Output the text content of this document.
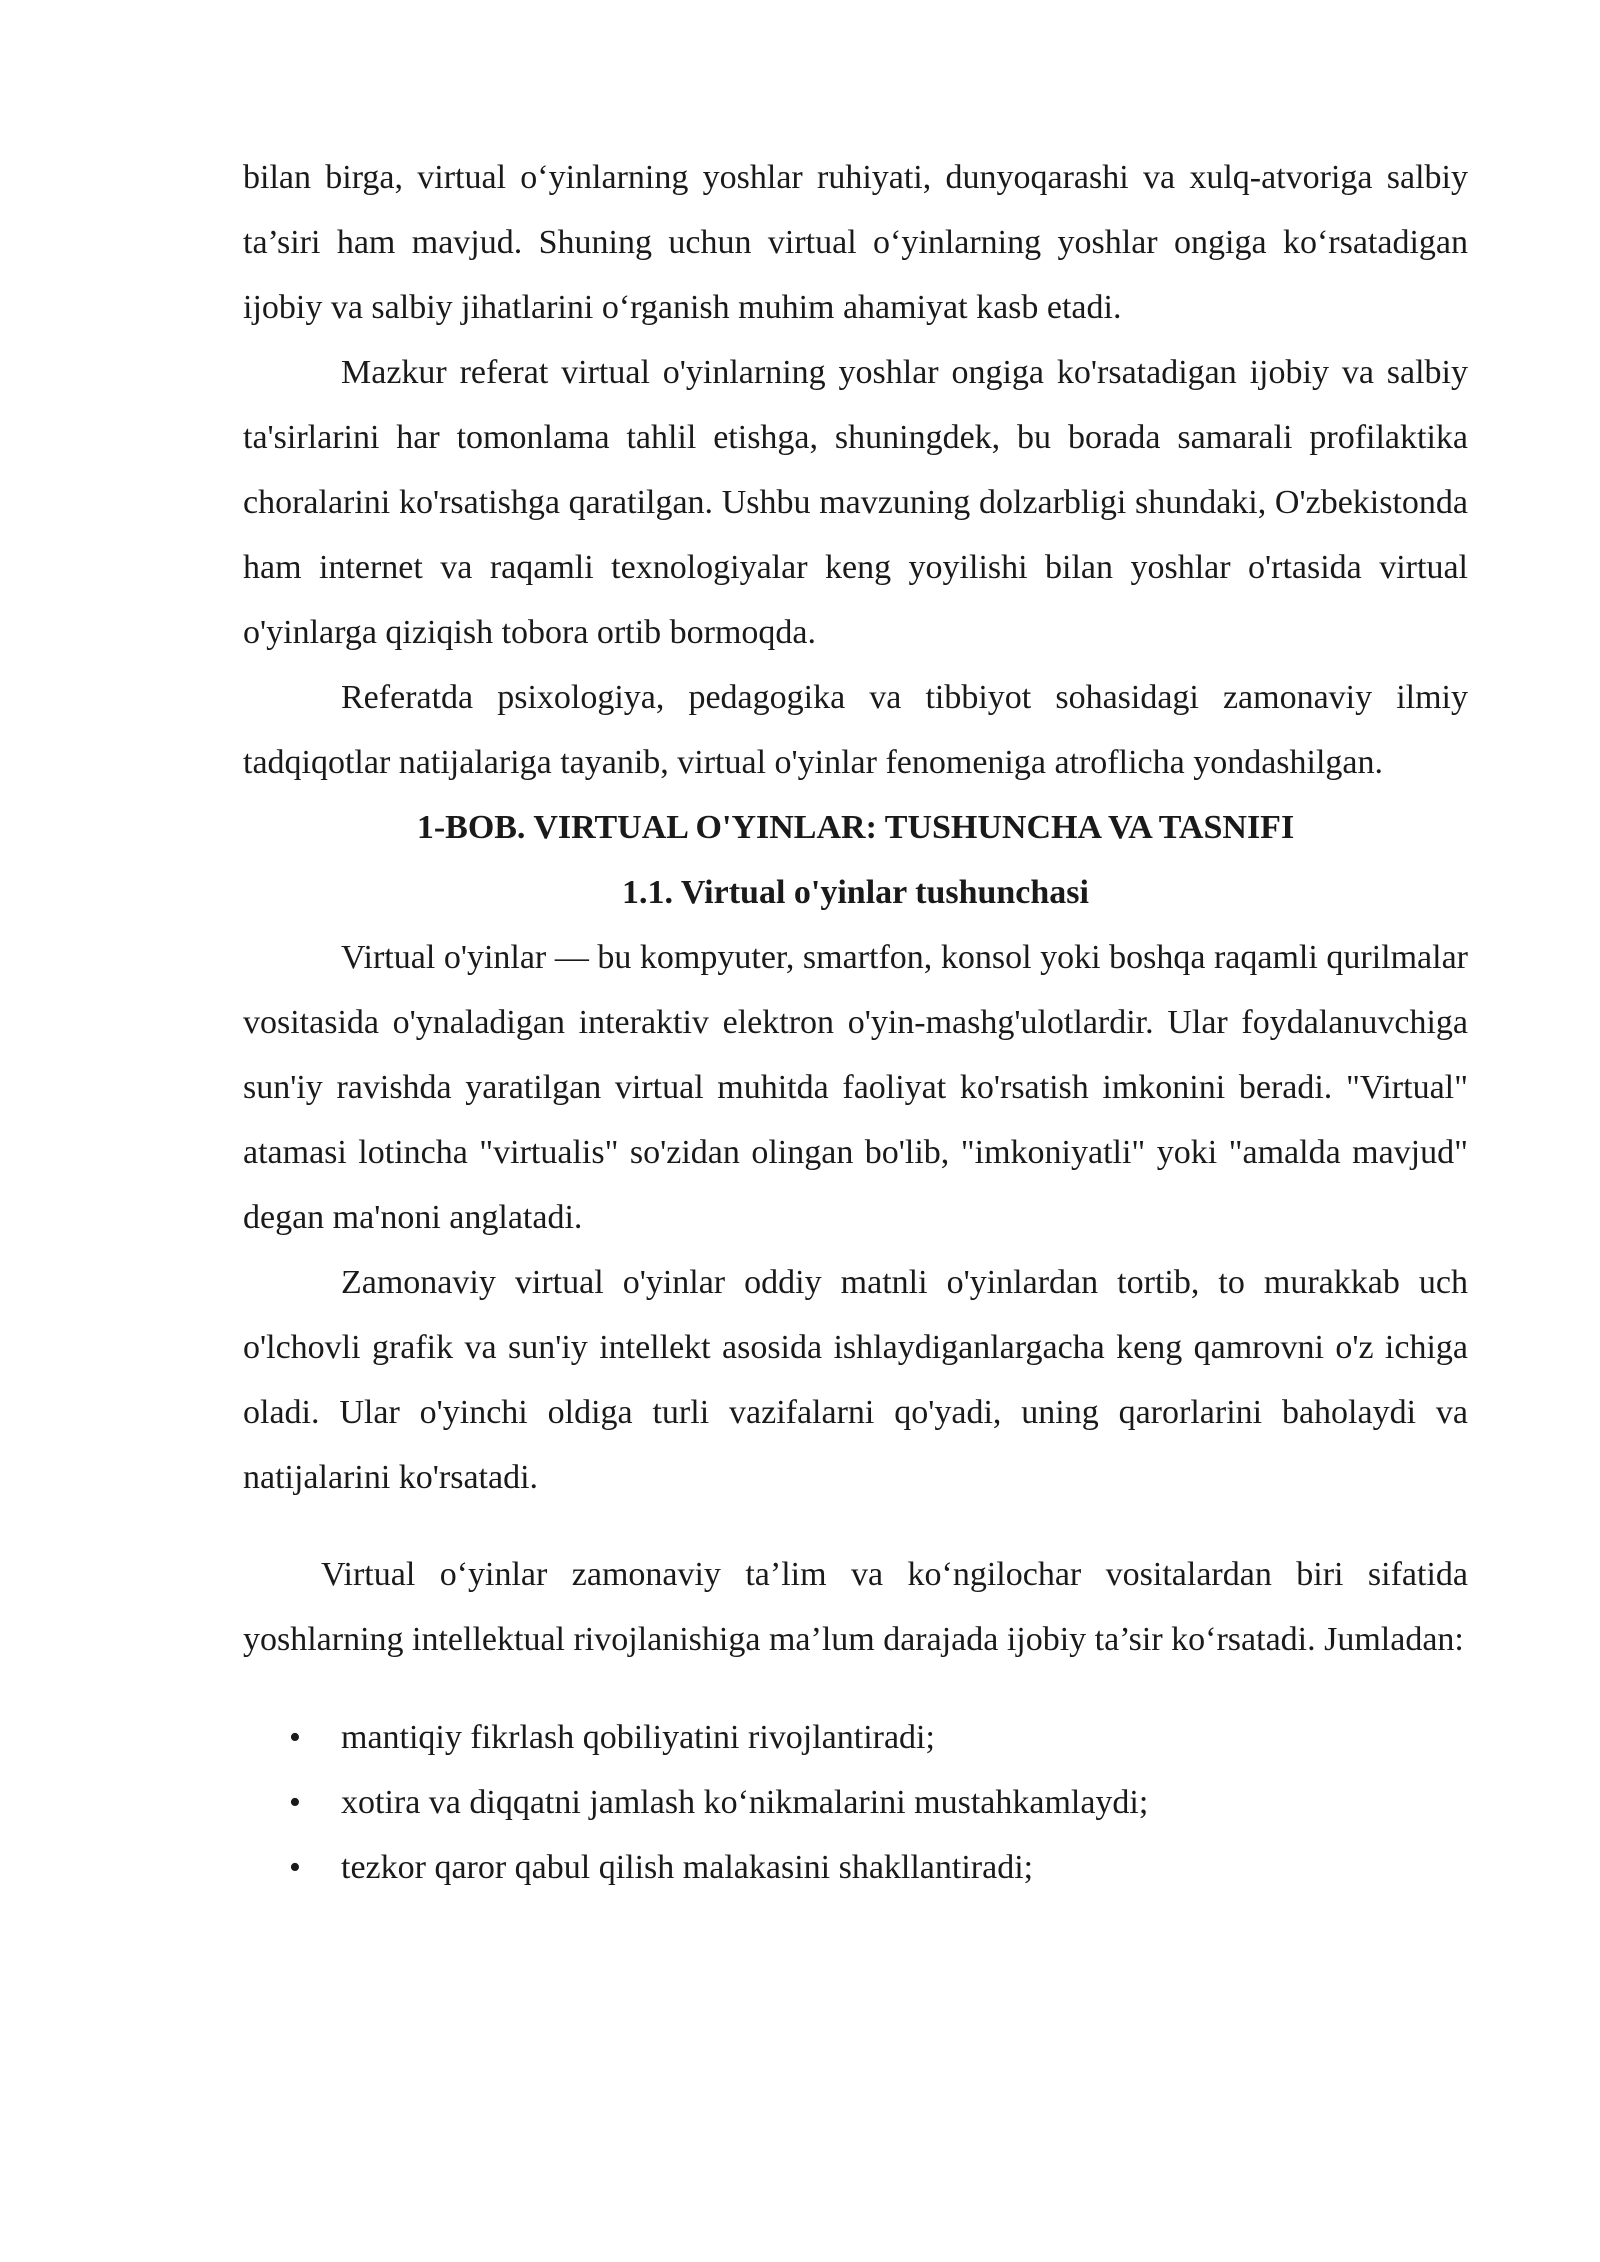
bilan birga, virtual o‘yinlarning yoshlar ruhiyati, dunyoqarashi va xulq-atvoriga salbiy ta’siri ham mavjud. Shuning uchun virtual o‘yinlarning yoshlar ongiga ko‘rsatadigan ijobiy va salbiy jihatlarini o‘rganish muhim ahamiyat kasb etadi.

Mazkur referat virtual o'yinlarning yoshlar ongiga ko'rsatadigan ijobiy va salbiy ta'sirlarini har tomonlama tahlil etishga, shuningdek, bu borada samarali profilaktika choralarini ko'rsatishga qaratilgan. Ushbu mavzuning dolzarbligi shundaki, O'zbekistonda ham internet va raqamli texnologiyalar keng yoyilishi bilan yoshlar o'rtasida virtual o'yinlarga qiziqish tobora ortib bormoqda.

Referatda psixologiya, pedagogika va tibbiyot sohasidagi zamonaviy ilmiy tadqiqotlar natijalariga tayanib, virtual o'yinlar fenomeniga atroflicha yondashilgan.

1-BOB. VIRTUAL O'YINLAR: TUSHUNCHA VA TASNIFI
1.1. Virtual o'yinlar tushunchasi

Virtual o'yinlar — bu kompyuter, smartfon, konsol yoki boshqa raqamli qurilmalar vositasida o'ynaladigan interaktiv elektron o'yin-mashg'ulotlardir. Ular foydalanuvchiga sun'iy ravishda yaratilgan virtual muhitda faoliyat ko'rsatish imkonini beradi. "Virtual" atamasi lotincha "virtualis" so'zidan olingan bo'lib, "imkoniyatli" yoki "amalda mavjud" degan ma'noni anglatadi.

Zamonaviy virtual o'yinlar oddiy matnli o'yinlardan tortib, to murakkab uch o'lchovli grafik va sun'iy intellekt asosida ishlaydiganlargacha keng qamrovni o'z ichiga oladi. Ular o'yinchi oldiga turli vazifalarni qo'yadi, uning qarorlarini baholaydi va natijalarini ko'rsatadi.

Virtual o‘yinlar zamonaviy ta’lim va ko‘ngilochar vositalardan biri sifatida yoshlarning intellektual rivojlanishiga ma’lum darajada ijobiy ta’sir ko‘rsatadi. Jumladan:

• mantiqiy fikrlash qobiliyatini rivojlantiradi;
• xotira va diqqatni jamlash ko‘nikmalarini mustahkamlaydi;
• tezkor qaror qabul qilish malakasini shakllantiradi;
